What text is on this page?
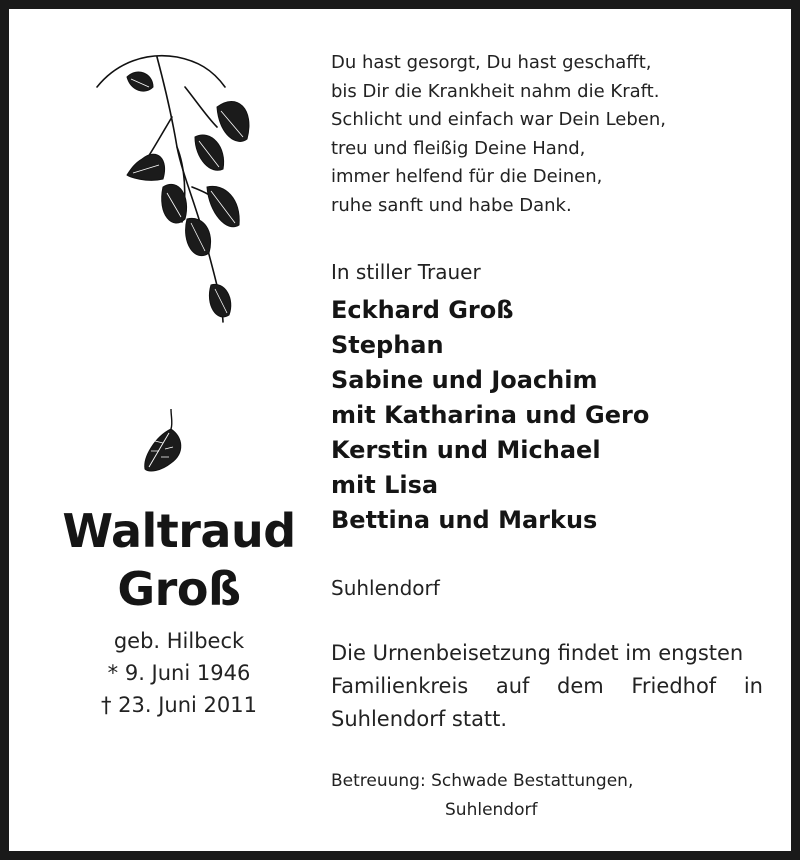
Waltraud
Groß
geb. Hilbeck
* 9. Juni 1946
† 23. Juni 2011
Du hast gesorgt, Du hast geschafft,
bis Dir die Krankheit nahm die Kraft.
Schlicht und einfach war Dein Leben,
treu und fleißig Deine Hand,
immer helfend für die Deinen,
ruhe sanft und habe Dank.
In stiller Trauer
Eckhard Groß
Stephan
Sabine und Joachim
mit Katharina und Gero
Kerstin und Michael
mit Lisa
Bettina und Markus
Suhlendorf
Die Urnenbeisetzung findet im engsten
Familienkreis auf dem Friedhof in
Suhlendorf statt.
Betreuung: Schwade Bestattungen,
Suhlendorf
